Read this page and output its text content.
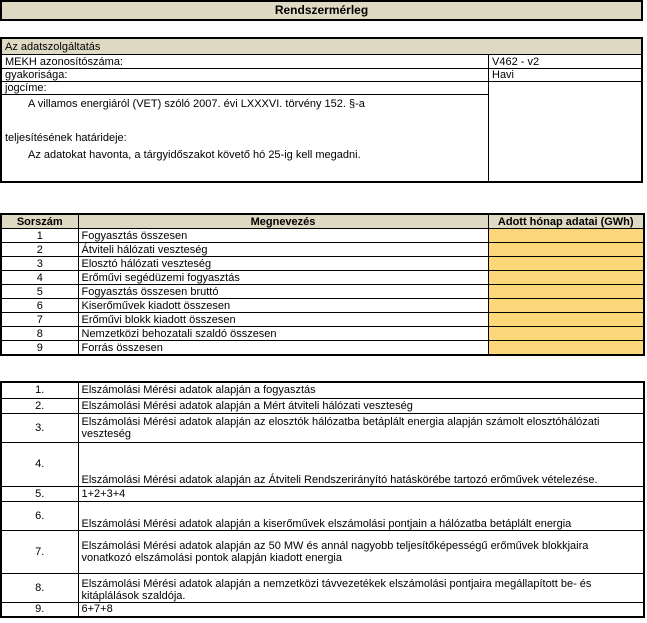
Rendszermérleg
Az adatszolgáltatás
MEKH azonosítószáma:	V462 - v2
gyakorisága:	Havi
jogcíme:
A villamos energiáról (VET) szóló 2007. évi LXXXVI. törvény 152. §-a
teljesítésének határideje:
Az adatokat havonta, a tárgyidőszakot követő hó 25-ig kell megadni.
Sorszám	Megnevezés	Adott hónap adatai (GWh)
1	Fogyasztás összesen	
2	Átviteli hálózati veszteség	
3	Elosztó hálózati veszteség	
4	Erőművi segédüzemi fogyasztás	
5	Fogyasztás összesen bruttó	
6	Kiserőművek kiadott összesen	
7	Erőművi blokk kiadott összesen	
8	Nemzetközi behozatali szaldó összesen	
9	Forrás összesen	
1.	Elszámolási Mérési adatok alapján a fogyasztás
2.	Elszámolási Mérési adatok alapján a Mért átviteli hálózati veszteség
3.	Elszámolási Mérési adatok alapján az elosztók hálózatba betáplált energia alapján számolt elosztóhálózati veszteség
4.	Elszámolási Mérési adatok alapján az Átviteli Rendszerirányító hatáskörébe tartozó erőművek vételezése.
5.	1+2+3+4
6.	Elszámolási Mérési adatok alapján a kiserőművek elszámolási pontjain a hálózatba betáplált energia
7.	Elszámolási Mérési adatok alapján az 50 MW és annál nagyobb teljesítőképességű erőművek blokkjaira vonatkozó elszámolási pontok alapján kiadott energia
8.	Elszámolási Mérési adatok alapján a nemzetközi távvezetékek elszámolási pontjaira megállapított be- és kitáplálások szaldója.
9.	6+7+8
